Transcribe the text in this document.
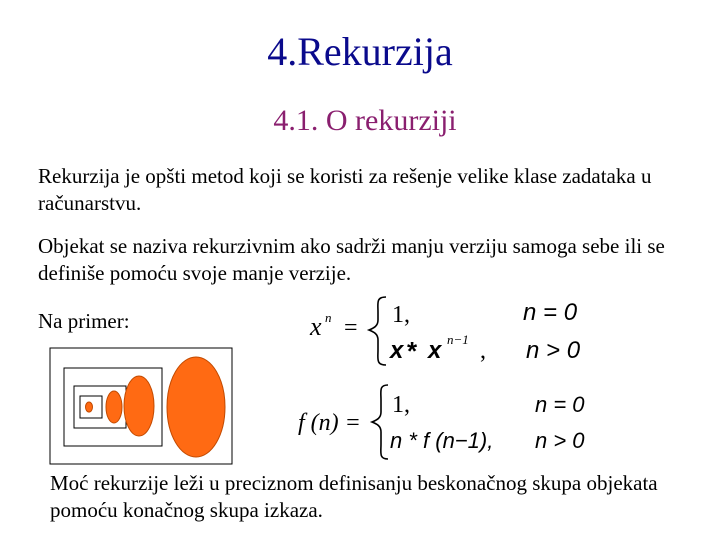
4.Rekurzija
4.1. O rekurziji
Rekurzija je opšti metod koji se koristi za rešenje velike klase zadataka u računarstvu.
Objekat se naziva rekurzivnim ako sadrži manju verziju samoga sebe ili se definiše pomoću svoje manje verzije.
Na primer:	x n = 1,	n = 0
x * x n−1 , n > 0
f (n) =
1,	n = 0
n * f (n−1), n > 0
Moć rekurzije leži u preciznom definisanju beskonačnog skupa objekata pomoću konačnog skupa izkaza.
